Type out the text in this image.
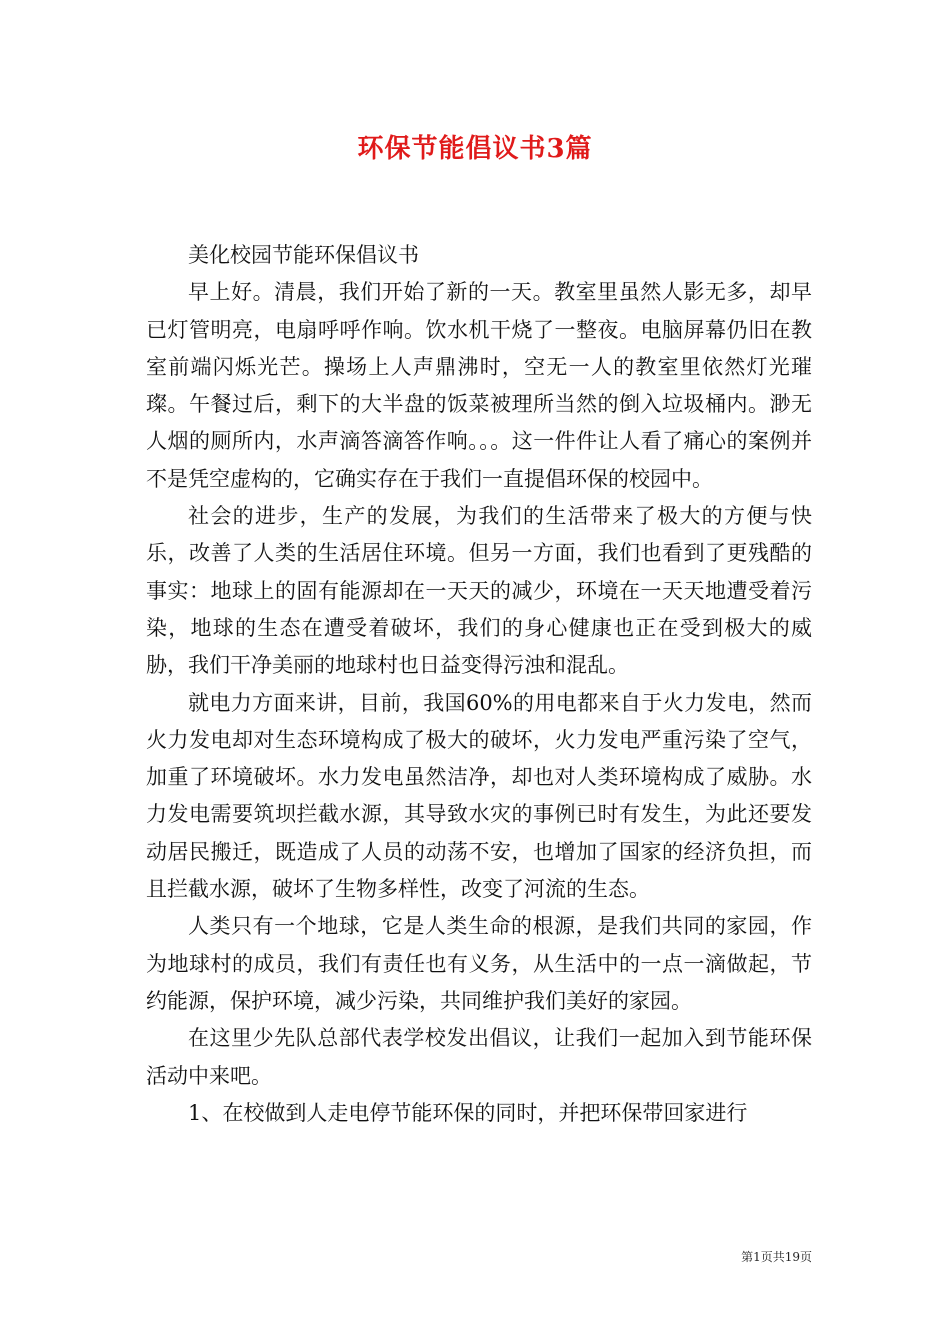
环保节能倡议书3篇

美化校园节能环保倡议书

早上好。清晨，我们开始了新的一天。教室里虽然人影无多，却早已灯管明亮，电扇呼呼作响。饮水机干烧了一整夜。电脑屏幕仍旧在教室前端闪烁光芒。操场上人声鼎沸时，空无一人的教室里依然灯光璀璨。午餐过后，剩下的大半盘的饭菜被理所当然的倒入垃圾桶内。渺无人烟的厕所内，水声滴答滴答作响。。。这一件件让人看了痛心的案例并不是凭空虚构的，它确实存在于我们一直提倡环保的校园中。

社会的进步，生产的发展，为我们的生活带来了极大的方便与快乐，改善了人类的生活居住环境。但另一方面，我们也看到了更残酷的事实：地球上的固有能源却在一天天的减少，环境在一天天地遭受着污染，地球的生态在遭受着破坏，我们的身心健康也正在受到极大的威胁，我们干净美丽的地球村也日益变得污浊和混乱。

就电力方面来讲，目前，我国60%的用电都来自于火力发电，然而火力发电却对生态环境构成了极大的破坏，火力发电严重污染了空气，加重了环境破坏。水力发电虽然洁净，却也对人类环境构成了威胁。水力发电需要筑坝拦截水源，其导致水灾的事例已时有发生，为此还要发动居民搬迁，既造成了人员的动荡不安，也增加了国家的经济负担，而且拦截水源，破坏了生物多样性，改变了河流的生态。

人类只有一个地球，它是人类生命的根源，是我们共同的家园，作为地球村的成员，我们有责任也有义务，从生活中的一点一滴做起，节约能源，保护环境，减少污染，共同维护我们美好的家园。

在这里少先队总部代表学校发出倡议，让我们一起加入到节能环保活动中来吧。

1、在校做到人走电停节能环保的同时，并把环保带回家进行

第1页共19页
